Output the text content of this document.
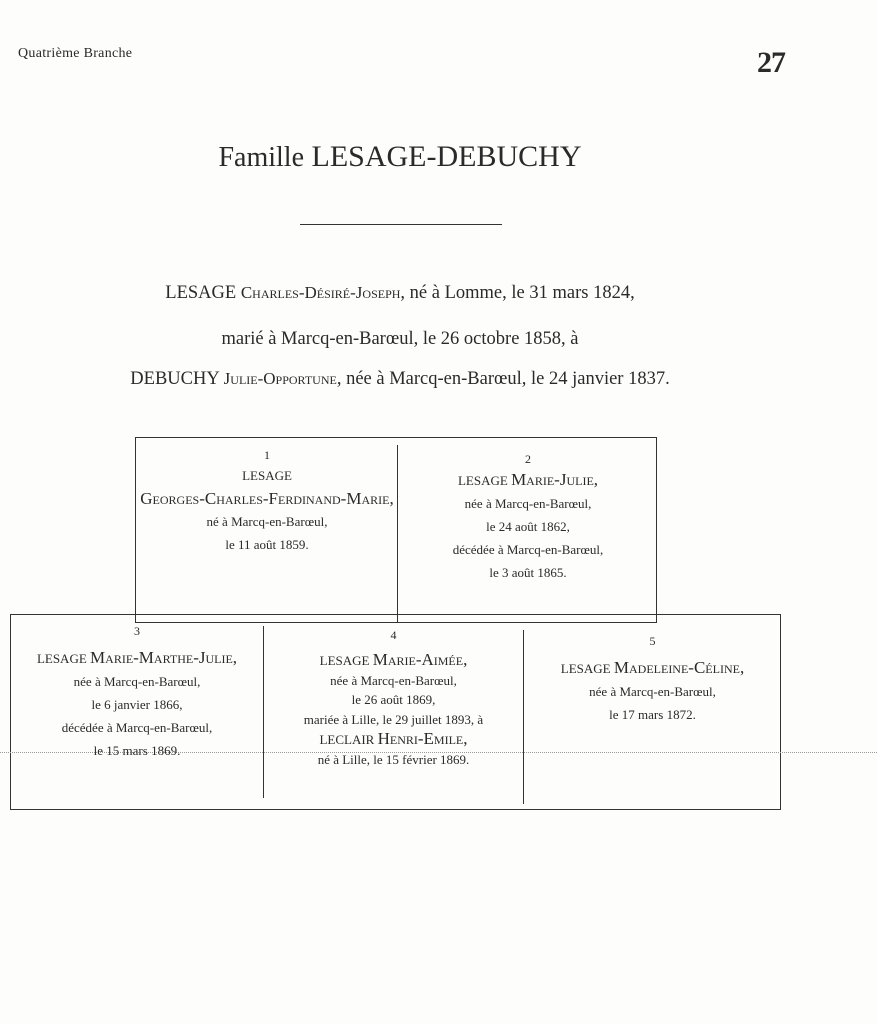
Quatrième Branche	27
Famille LESAGE-DEBUCHY
LESAGE Charles-Désiré-Joseph, né à Lomme, le 31 mars 1824,
marié à Marcq-en-Barœul, le 26 octobre 1858, à
DEBUCHY Julie-Opportune, née à Marcq-en-Barœul, le 24 janvier 1837.
1
LESAGE
Georges-Charles-Ferdinand-Marie,
né à Marcq-en-Barœul,
le 11 août 1859.
2
LESAGE Marie-Julie,
née à Marcq-en-Barœul,
le 24 août 1862,
décédée à Marcq-en-Barœul,
le 3 août 1865.
3
LESAGE Marie-Marthe-Julie,
née à Marcq-en-Barœul,
le 6 janvier 1866,
décédée à Marcq-en-Barœul,
le 15 mars 1869.
4
LESAGE Marie-Aimée,
née à Marcq-en-Barœul,
le 26 août 1869,
mariée à Lille, le 29 juillet 1893, à
LECLAIR Henri-Emile,
né à Lille, le 15 février 1869.
5
LESAGE Madeleine-Céline,
née à Marcq-en-Barœul,
le 17 mars 1872.
